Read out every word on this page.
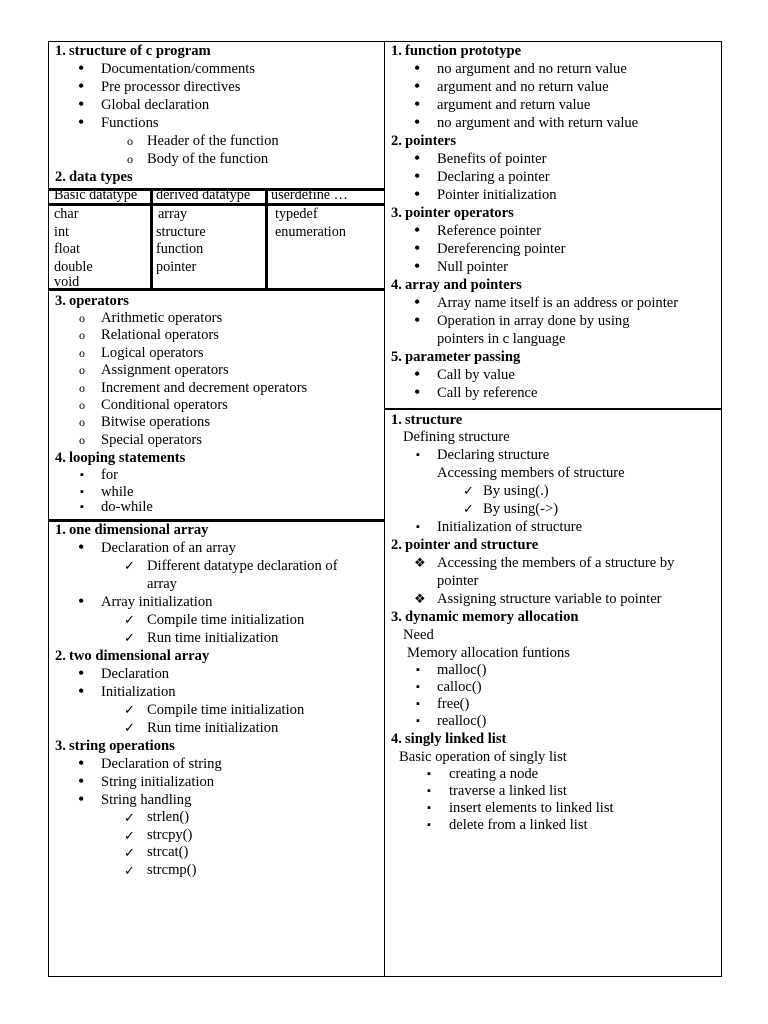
1. structure of c program
• Documentation/comments
• Pre processor directives
• Global declaration
• Functions
o Header of the function
o Body of the function
2. data types
Basic datatype	derived datatype	userdefine …
char
int
float
double
void
array
structure
function
pointer
typedef
enumeration
3. operators
o Arithmetic operators
o Relational operators
o Logical operators
o Assignment operators
o Increment and decrement operators
o Conditional operators
o Bitwise operations
o Special operators
4. looping statements
▪ for
▪ while
▪ do-while
1. one dimensional array
• Declaration of an array
✓ Different datatype declaration of
array
• Array initialization
✓ Compile time initialization
✓ Run time initialization
2. two dimensional array
• Declaration
• Initialization
✓ Compile time initialization
✓ Run time initialization
3. string operations
• Declaration of string
• String initialization
• String handling
✓ strlen()
✓ strcpy()
✓ strcat()
✓ strcmp()
1. function prototype
• no argument and no return value
• argument and no return value
• argument and return value
• no argument and with return value
2. pointers
• Benefits of pointer
• Declaring a pointer
• Pointer initialization
3. pointer operators
• Reference pointer
• Dereferencing pointer
• Null pointer
4. array and pointers
• Array name itself is an address or pointer
• Operation in array done by using
pointers in c language
5. parameter passing
• Call by value
• Call by reference
1. structure
Defining structure
▪ Declaring structure
Accessing members of structure
✓ By using(.)
✓ By using(->)
▪ Initialization of structure
2. pointer and structure
❖ Accessing the members of a structure by
pointer
❖ Assigning structure variable to pointer
3. dynamic memory allocation
Need
Memory allocation funtions
▪ malloc()
▪ calloc()
▪ free()
▪ realloc()
4. singly linked list
Basic operation of singly list
▪ creating a node
▪ traverse a linked list
▪ insert elements to linked list
▪ delete from a linked list
